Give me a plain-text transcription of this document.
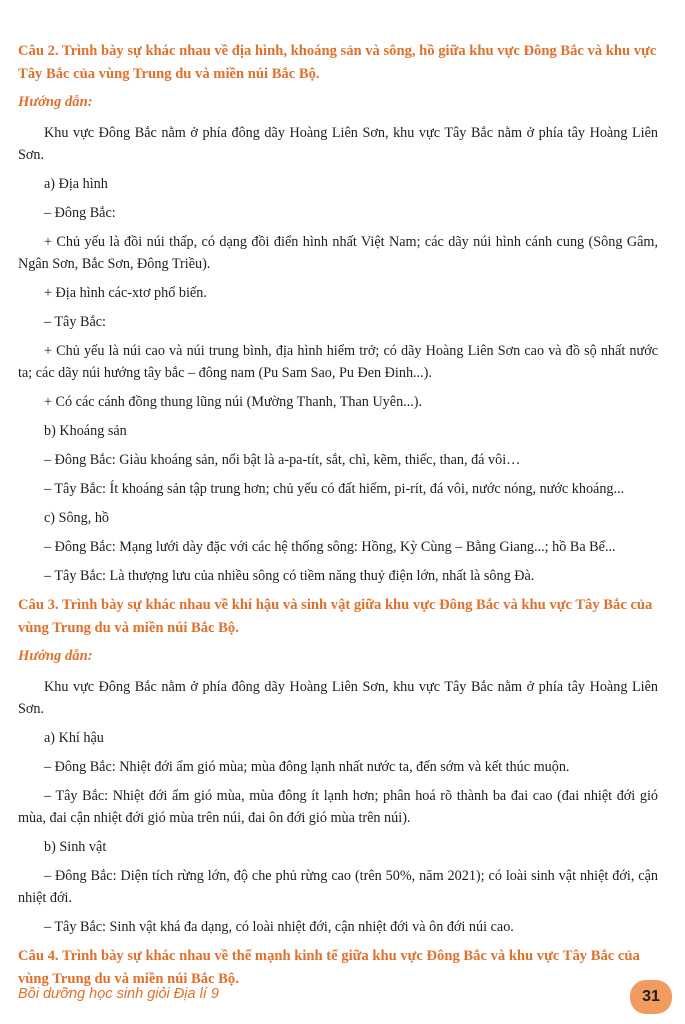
Câu 2. Trình bày sự khác nhau về địa hình, khoáng sản và sông, hồ giữa khu vực Đông Bắc và khu vực Tây Bắc của vùng Trung du và miền núi Bắc Bộ.
Hướng dẫn:
Khu vực Đông Bắc nằm ở phía đông dãy Hoàng Liên Sơn, khu vực Tây Bắc nằm ở phía tây Hoàng Liên Sơn.
a) Địa hình
– Đông Bắc:
+ Chủ yếu là đồi núi thấp, có dạng đồi điển hình nhất Việt Nam; các dãy núi hình cánh cung (Sông Gâm, Ngân Sơn, Bắc Sơn, Đông Triều).
+ Địa hình các-xtơ phổ biến.
– Tây Bắc:
+ Chủ yếu là núi cao và núi trung bình, địa hình hiểm trở; có dãy Hoàng Liên Sơn cao và đồ sộ nhất nước ta; các dãy núi hướng tây bắc – đông nam (Pu Sam Sao, Pu Đen Đinh...).
+ Có các cánh đồng thung lũng núi (Mường Thanh, Than Uyên...).
b) Khoáng sản
– Đông Bắc: Giàu khoáng sản, nổi bật là a-pa-tít, sắt, chì, kẽm, thiếc, than, đá vôi…
– Tây Bắc: Ít khoáng sản tập trung hơn; chủ yếu có đất hiếm, pi-rít, đá vôi, nước nóng, nước khoáng...
c) Sông, hồ
– Đông Bắc: Mạng lưới dày đặc với các hệ thống sông: Hồng, Kỳ Cùng – Bằng Giang...; hồ Ba Bể...
– Tây Bắc: Là thượng lưu của nhiều sông có tiềm năng thuỷ điện lớn, nhất là sông Đà.
Câu 3. Trình bày sự khác nhau về khí hậu và sinh vật giữa khu vực Đông Bắc và khu vực Tây Bắc của vùng Trung du và miền núi Bắc Bộ.
Hướng dẫn:
Khu vực Đông Bắc nằm ở phía đông dãy Hoàng Liên Sơn, khu vực Tây Bắc nằm ở phía tây Hoàng Liên Sơn.
a) Khí hậu
– Đông Bắc: Nhiệt đới ẩm gió mùa; mùa đông lạnh nhất nước ta, đến sớm và kết thúc muộn.
– Tây Bắc: Nhiệt đới ẩm gió mùa, mùa đông ít lạnh hơn; phân hoá rõ thành ba đai cao (đai nhiệt đới gió mùa, đai cận nhiệt đới gió mùa trên núi, đai ôn đới gió mùa trên núi).
b) Sinh vật
– Đông Bắc: Diện tích rừng lớn, độ che phủ rừng cao (trên 50%, năm 2021); có loài sinh vật nhiệt đới, cận nhiệt đới.
– Tây Bắc: Sinh vật khá đa dạng, có loài nhiệt đới, cận nhiệt đới và ôn đới núi cao.
Câu 4. Trình bày sự khác nhau về thế mạnh kinh tế giữa khu vực Đông Bắc và khu vực Tây Bắc của vùng Trung du và miền núi Bắc Bộ.
Bồi dưỡng học sinh giỏi Địa lí 9	31
